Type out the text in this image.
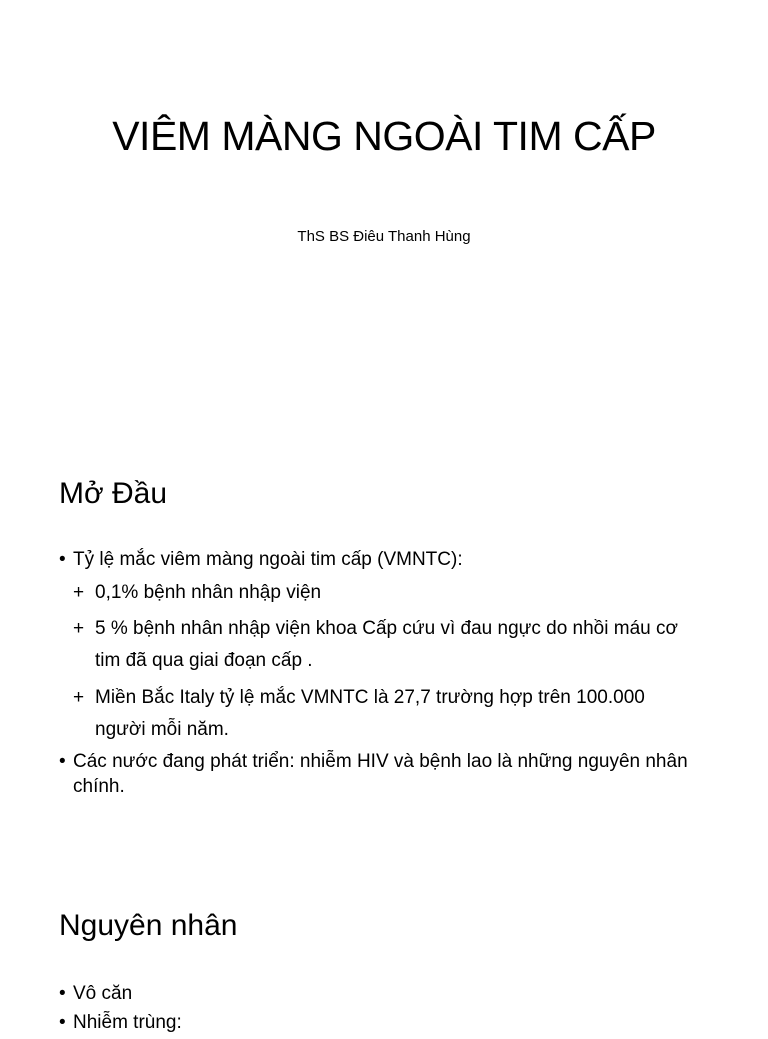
VIÊM MÀNG NGOÀI TIM CẤP
ThS BS Điêu Thanh Hùng
Mở Đầu
• Tỷ lệ mắc viêm màng ngoài tim cấp (VMNTC):
+ 0,1% bệnh nhân nhập viện
+ 5 % bệnh nhân nhập viện khoa Cấp cứu vì đau ngực do nhồi máu cơ tim đã qua giai đoạn cấp .
+ Miền Bắc Italy tỷ lệ mắc VMNTC là 27,7 trường hợp trên 100.000 người mỗi năm.
• Các nước đang phát triển: nhiễm HIV và bệnh lao là những nguyên nhân chính.
Nguyên nhân
• Vô căn
• Nhiễm trùng:
